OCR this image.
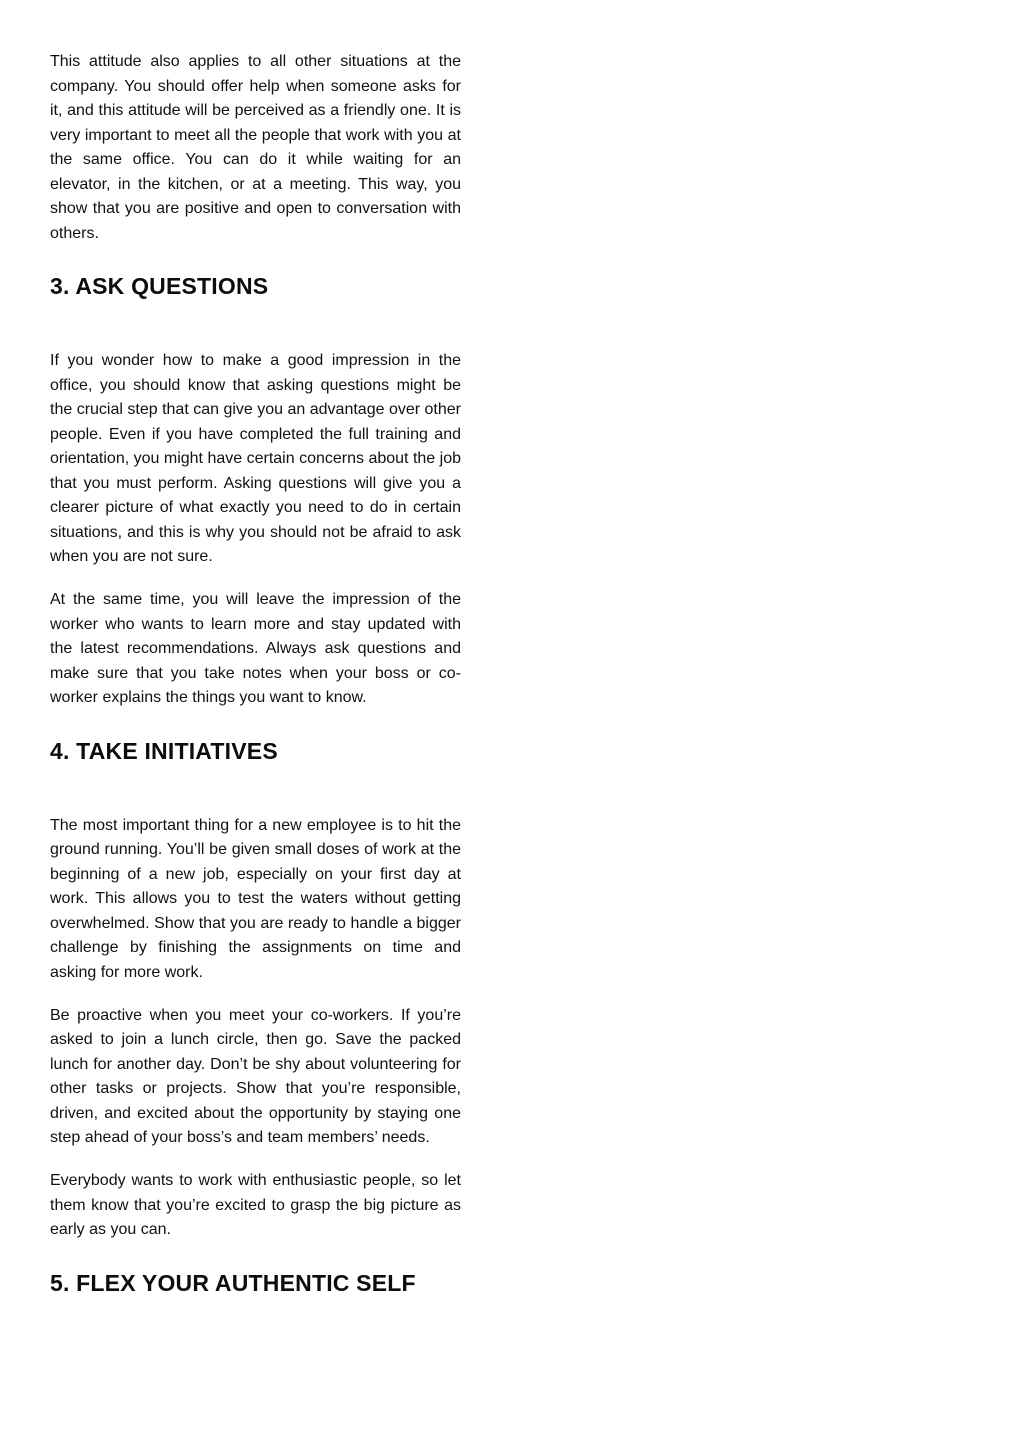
This attitude also applies to all other situations at the company. You should offer help when someone asks for it, and this attitude will be perceived as a friendly one. It is very important to meet all the people that work with you at the same office. You can do it while waiting for an elevator, in the kitchen, or at a meeting. This way, you show that you are positive and open to conversation with others.

3. ASK QUESTIONS

If you wonder how to make a good impression in the office, you should know that asking questions might be the crucial step that can give you an advantage over other people. Even if you have completed the full training and orientation, you might have certain concerns about the job that you must perform. Asking questions will give you a clearer picture of what exactly you need to do in certain situations, and this is why you should not be afraid to ask when you are not sure.

At the same time, you will leave the impression of the worker who wants to learn more and stay updated with the latest recommendations. Always ask questions and make sure that you take notes when your boss or co-worker explains the things you want to know.

4. TAKE INITIATIVES

The most important thing for a new employee is to hit the ground running. You’ll be given small doses of work at the beginning of a new job, especially on your first day at work. This allows you to test the waters without getting overwhelmed. Show that you are ready to handle a bigger challenge by finishing the assignments on time and asking for more work.

Be proactive when you meet your co-workers. If you’re asked to join a lunch circle, then go. Save the packed lunch for another day. Don’t be shy about volunteering for other tasks or projects. Show that you’re responsible, driven, and excited about the opportunity by staying one step ahead of your boss’s and team members’ needs.

Everybody wants to work with enthusiastic people, so let them know that you’re excited to grasp the big picture as early as you can.

5. FLEX YOUR AUTHENTIC SELF
